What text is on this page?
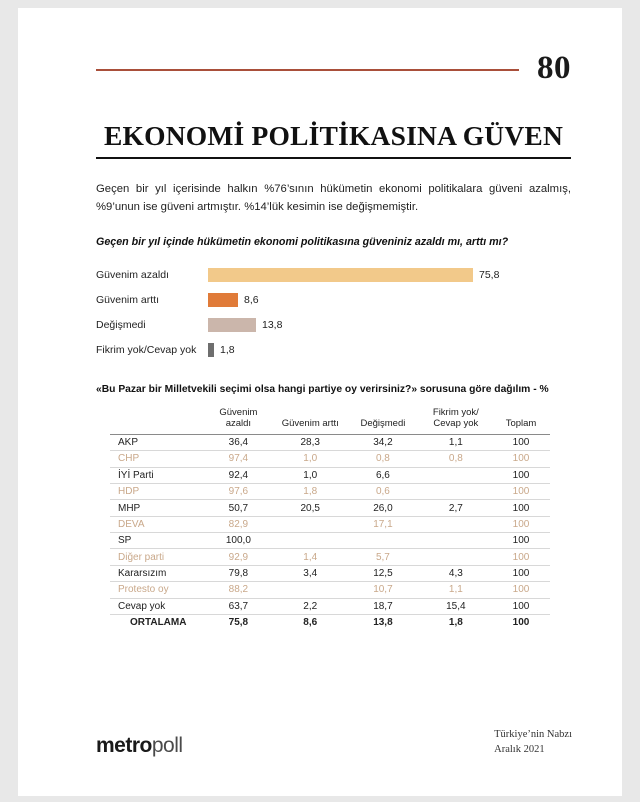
80
EKONOMİ POLİTİKASINA GÜVEN
Geçen bir yıl içerisinde halkın %76’sının hükümetin ekonomi politikalara güveni azalmış, %9’unun ise güveni artmıştır. %14’lük kesimin ise değişmemiştir.
Geçen bir yıl içinde hükümetin ekonomi politikasına güveniniz azaldı mı, arttı mı?
Güvenim azaldı	75,8
Güvenim arttı	8,6
Değişmedi	13,8
Fikrim yok/Cevap yok	1,8
«Bu Pazar bir Milletvekili seçimi olsa hangi partiye oy verirsiniz?» sorusuna göre dağılım - %
	Güvenim azaldı	Güvenim arttı	Değişmedi	Fikrim yok/ Cevap yok	Toplam
AKP	36,4	28,3	34,2	1,1	100
CHP	97,4	1,0	0,8	0,8	100
İYİ Parti	92,4	1,0	6,6		100
HDP	97,6	1,8	0,6		100
MHP	50,7	20,5	26,0	2,7	100
DEVA	82,9		17,1		100
SP	100,0				100
Diğer parti	92,9	1,4	5,7		100
Kararsızım	79,8	3,4	12,5	4,3	100
Protesto oy	88,2		10,7	1,1	100
Cevap yok	63,7	2,2	18,7	15,4	100
ORTALAMA	75,8	8,6	13,8	1,8	100
metropoll	Türkiye’nin Nabzı
Aralık 2021
